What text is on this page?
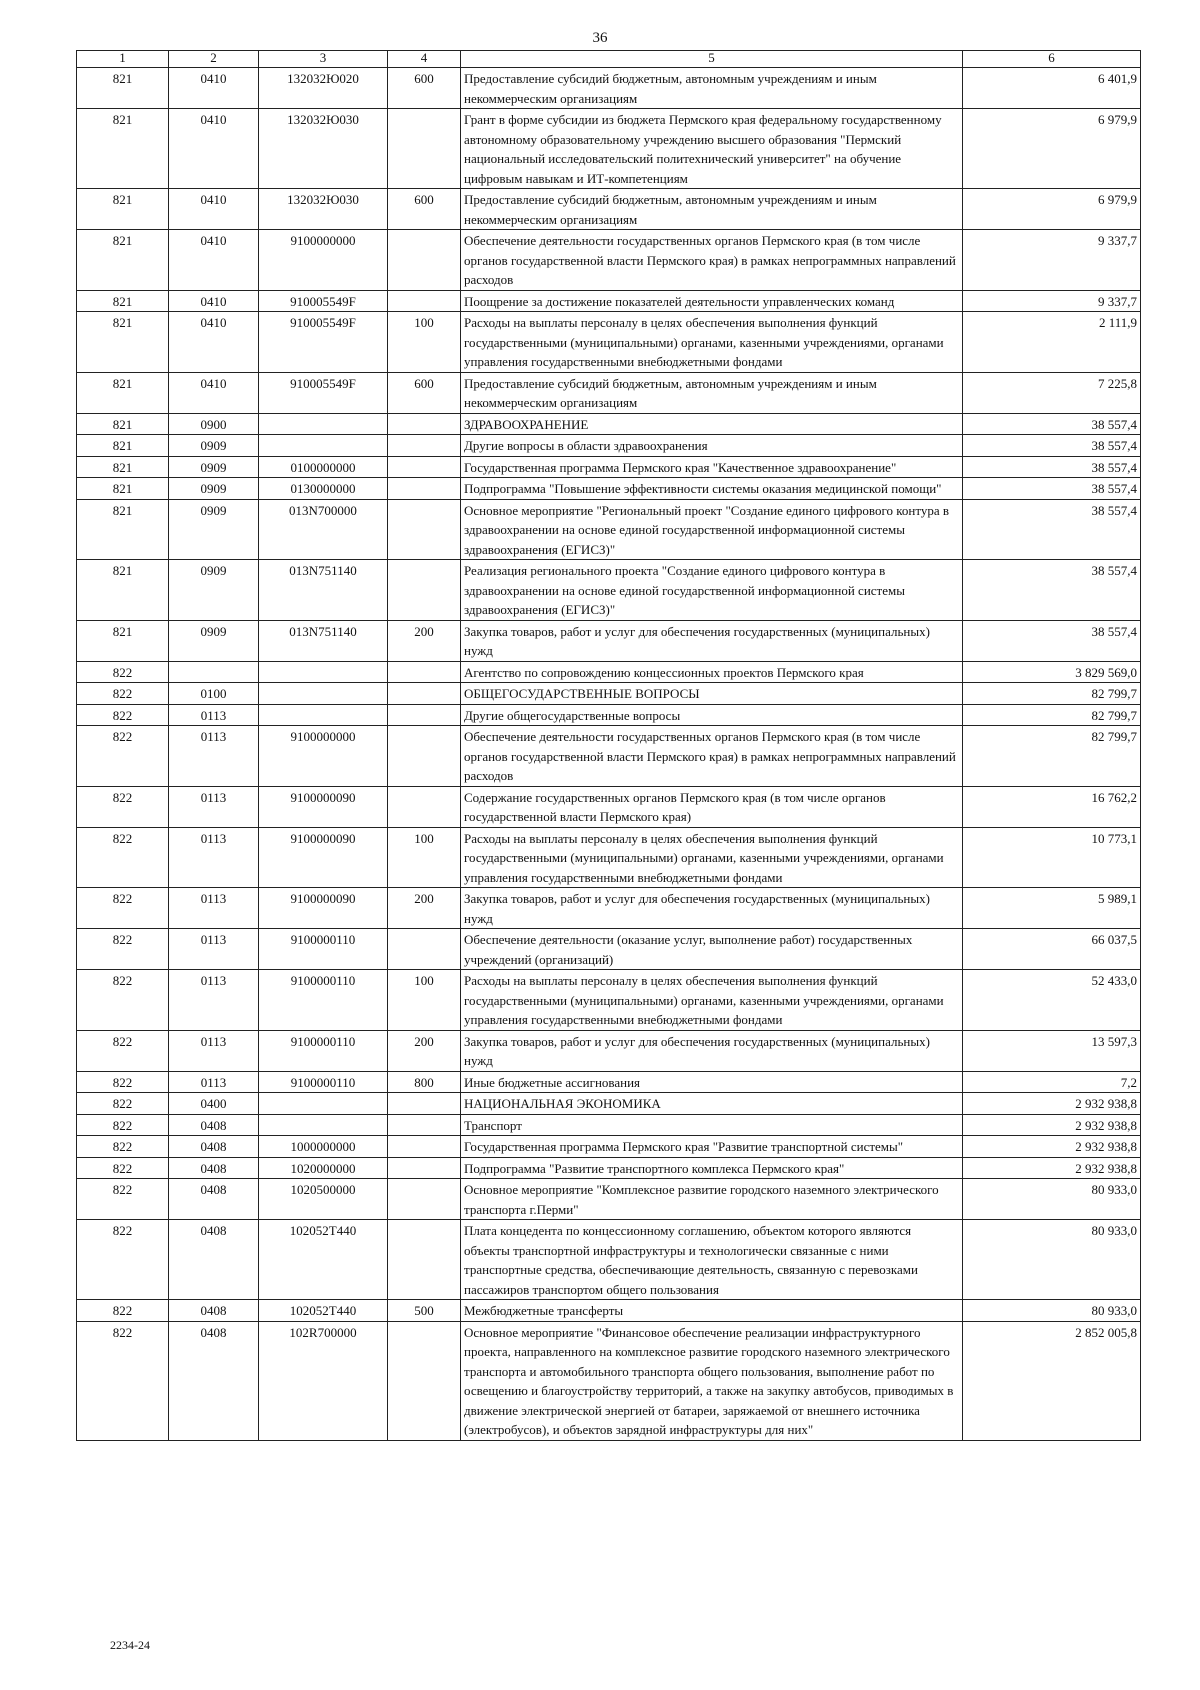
36
1	2	3	4	5	6
821	0410	132032Ю020	600	Предоставление субсидий бюджетным, автономным учреждениям и иным некоммерческим организациям	6 401,9
821	0410	132032Ю030		Грант в форме субсидии из бюджета Пермского края федеральному государственному автономному образовательному учреждению высшего образования "Пермский национальный исследовательский политехнический университет" на обучение цифровым навыкам и ИТ-компетенциям	6 979,9
821	0410	132032Ю030	600	Предоставление субсидий бюджетным, автономным учреждениям и иным некоммерческим организациям	6 979,9
821	0410	9100000000		Обеспечение деятельности государственных органов Пермского края (в том числе органов государственной власти Пермского края) в рамках непрограммных направлений расходов	9 337,7
821	0410	910005549F		Поощрение за достижение показателей деятельности управленческих команд	9 337,7
821	0410	910005549F	100	Расходы на выплаты персоналу в целях обеспечения выполнения функций государственными (муниципальными) органами, казенными учреждениями, органами управления государственными внебюджетными фондами	2 111,9
821	0410	910005549F	600	Предоставление субсидий бюджетным, автономным учреждениям и иным некоммерческим организациям	7 225,8
821	0900			ЗДРАВООХРАНЕНИЕ	38 557,4
821	0909			Другие вопросы в области здравоохранения	38 557,4
821	0909	0100000000		Государственная программа Пермского края "Качественное здравоохранение"	38 557,4
821	0909	0130000000		Подпрограмма "Повышение эффективности системы оказания медицинской помощи"	38 557,4
821	0909	013N700000		Основное мероприятие "Региональный проект "Создание единого цифрового контура в здравоохранении на основе единой государственной информационной системы здравоохранения (ЕГИСЗ)"	38 557,4
821	0909	013N751140		Реализация регионального проекта "Создание единого цифрового контура в здравоохранении на основе единой государственной информационной системы здравоохранения (ЕГИСЗ)"	38 557,4
821	0909	013N751140	200	Закупка товаров, работ и услуг для обеспечения государственных (муниципальных) нужд	38 557,4
822				Агентство по сопровождению концессионных проектов Пермского края	3 829 569,0
822	0100			ОБЩЕГОСУДАРСТВЕННЫЕ ВОПРОСЫ	82 799,7
822	0113			Другие общегосударственные вопросы	82 799,7
822	0113	9100000000		Обеспечение деятельности государственных органов Пермского края (в том числе органов государственной власти Пермского края) в рамках непрограммных направлений расходов	82 799,7
822	0113	9100000090		Содержание государственных органов Пермского края (в том числе органов государственной власти Пермского края)	16 762,2
822	0113	9100000090	100	Расходы на выплаты персоналу в целях обеспечения выполнения функций государственными (муниципальными) органами, казенными учреждениями, органами управления государственными внебюджетными фондами	10 773,1
822	0113	9100000090	200	Закупка товаров, работ и услуг для обеспечения государственных (муниципальных) нужд	5 989,1
822	0113	9100000110		Обеспечение деятельности (оказание услуг, выполнение работ) государственных учреждений (организаций)	66 037,5
822	0113	9100000110	100	Расходы на выплаты персоналу в целях обеспечения выполнения функций государственными (муниципальными) органами, казенными учреждениями, органами управления государственными внебюджетными фондами	52 433,0
822	0113	9100000110	200	Закупка товаров, работ и услуг для обеспечения государственных (муниципальных) нужд	13 597,3
822	0113	9100000110	800	Иные бюджетные ассигнования	7,2
822	0400			НАЦИОНАЛЬНАЯ ЭКОНОМИКА	2 932 938,8
822	0408			Транспорт	2 932 938,8
822	0408	1000000000		Государственная программа Пермского края "Развитие транспортной системы"	2 932 938,8
822	0408	1020000000		Подпрограмма "Развитие транспортного комплекса Пермского края"	2 932 938,8
822	0408	1020500000		Основное мероприятие "Комплексное развитие городского наземного электрического транспорта г.Перми"	80 933,0
822	0408	102052Т440		Плата концедента по концессионному соглашению, объектом которого являются объекты транспортной инфраструктуры и технологически связанные с ними транспортные средства, обеспечивающие деятельность, связанную с перевозками пассажиров транспортом общего пользования	80 933,0
822	0408	102052Т440	500	Межбюджетные трансферты	80 933,0
822	0408	102R700000		Основное мероприятие "Финансовое обеспечение реализации инфраструктурного проекта, направленного на комплексное развитие городского наземного электрического транспорта и автомобильного транспорта общего пользования, выполнение работ по освещению и благоустройству территорий, а также на закупку автобусов, приводимых в движение электрической энергией от батареи, заряжаемой от внешнего источника (электробусов), и объектов зарядной инфраструктуры для них"	2 852 005,8
2234-24
